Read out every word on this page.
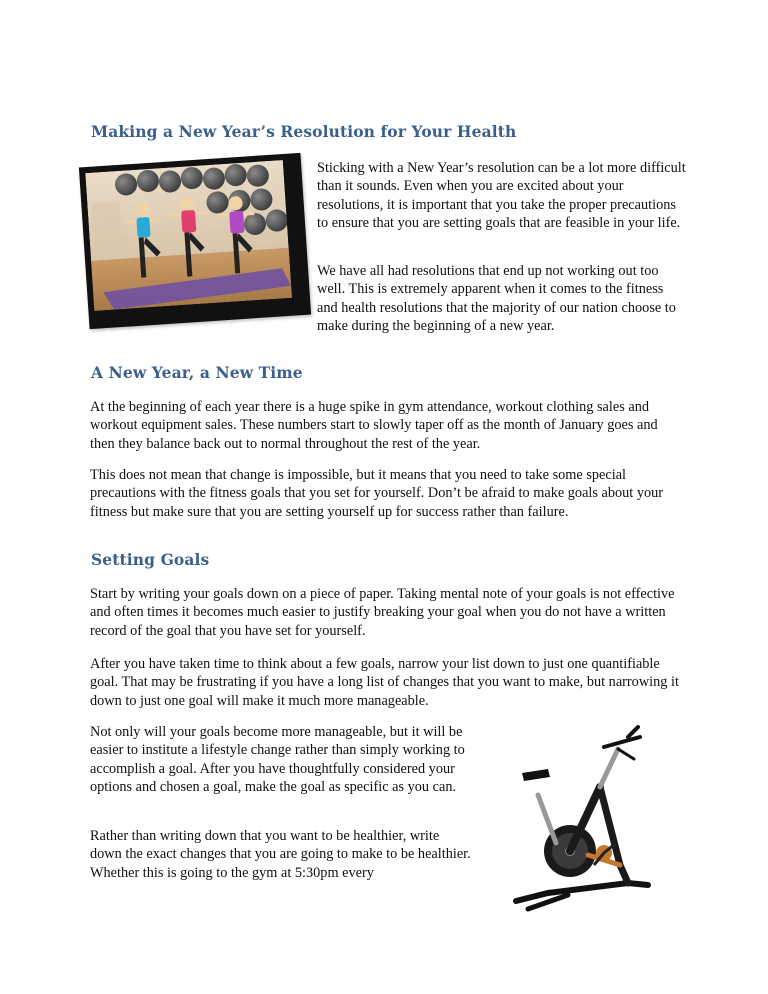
Making a New Year’s Resolution for Your Health

Sticking with a New Year’s resolution can be a lot more difficult than it sounds. Even when you are excited about your resolutions, it is important that you take the proper precautions to ensure that you are setting goals that are feasible in your life.

We have all had resolutions that end up not working out too well. This is extremely apparent when it comes to the fitness and health resolutions that the majority of our nation choose to make during the beginning of a new year.

A New Year, a New Time

At the beginning of each year there is a huge spike in gym attendance, workout clothing sales and workout equipment sales. These numbers start to slowly taper off as the month of January goes and then they balance back out to normal throughout the rest of the year.

This does not mean that change is impossible, but it means that you need to take some special precautions with the fitness goals that you set for yourself. Don’t be afraid to make goals about your fitness but make sure that you are setting yourself up for success rather than failure.

Setting Goals

Start by writing your goals down on a piece of paper. Taking mental note of your goals is not effective and often times it becomes much easier to justify breaking your goal when you do not have a written record of the goal that you have set for yourself.

After you have taken time to think about a few goals, narrow your list down to just one quantifiable goal. That may be frustrating if you have a long list of changes that you want to make, but narrowing it down to just one goal will make it much more manageable.

Not only will your goals become more manageable, but it will be easier to institute a lifestyle change rather than simply working to accomplish a goal. After you have thoughtfully considered your options and chosen a goal, make the goal as specific as you can.

Rather than writing down that you want to be healthier, write down the exact changes that you are going to make to be healthier. Whether this is going to the gym at 5:30pm every
